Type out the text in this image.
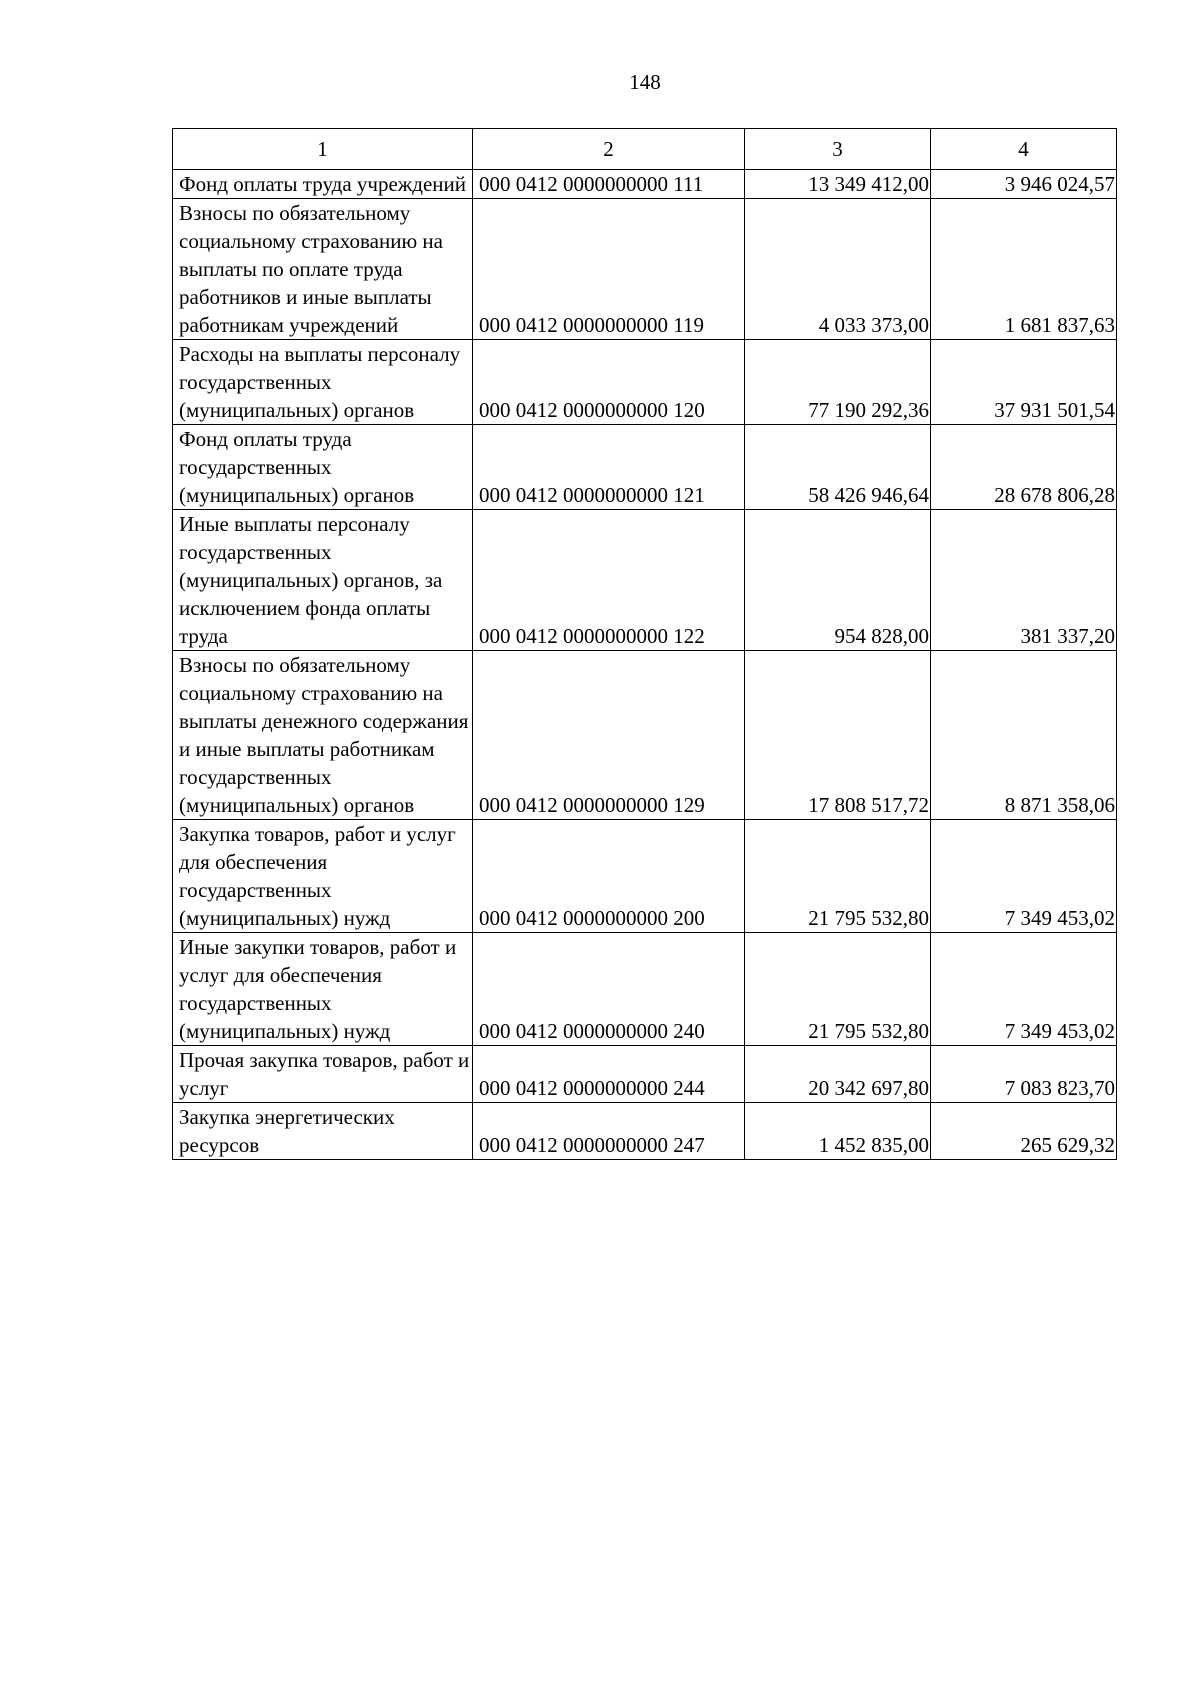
148
1	2	3	4
Фонд оплаты труда учреждений	000 0412 0000000000 111	13 349 412,00	3 946 024,57
Взносы по обязательному социальному страхованию на выплаты по оплате труда работников и иные выплаты работникам учреждений	000 0412 0000000000 119	4 033 373,00	1 681 837,63
Расходы на выплаты персоналу государственных (муниципальных) органов	000 0412 0000000000 120	77 190 292,36	37 931 501,54
Фонд оплаты труда государственных (муниципальных) органов	000 0412 0000000000 121	58 426 946,64	28 678 806,28
Иные выплаты персоналу государственных (муниципальных) органов, за исключением фонда оплаты труда	000 0412 0000000000 122	954 828,00	381 337,20
Взносы по обязательному социальному страхованию на выплаты денежного содержания и иные выплаты работникам государственных (муниципальных) органов	000 0412 0000000000 129	17 808 517,72	8 871 358,06
Закупка товаров, работ и услуг для обеспечения государственных (муниципальных) нужд	000 0412 0000000000 200	21 795 532,80	7 349 453,02
Иные закупки товаров, работ и услуг для обеспечения государственных (муниципальных) нужд	000 0412 0000000000 240	21 795 532,80	7 349 453,02
Прочая закупка товаров, работ и услуг	000 0412 0000000000 244	20 342 697,80	7 083 823,70
Закупка энергетических ресурсов	000 0412 0000000000 247	1 452 835,00	265 629,32
